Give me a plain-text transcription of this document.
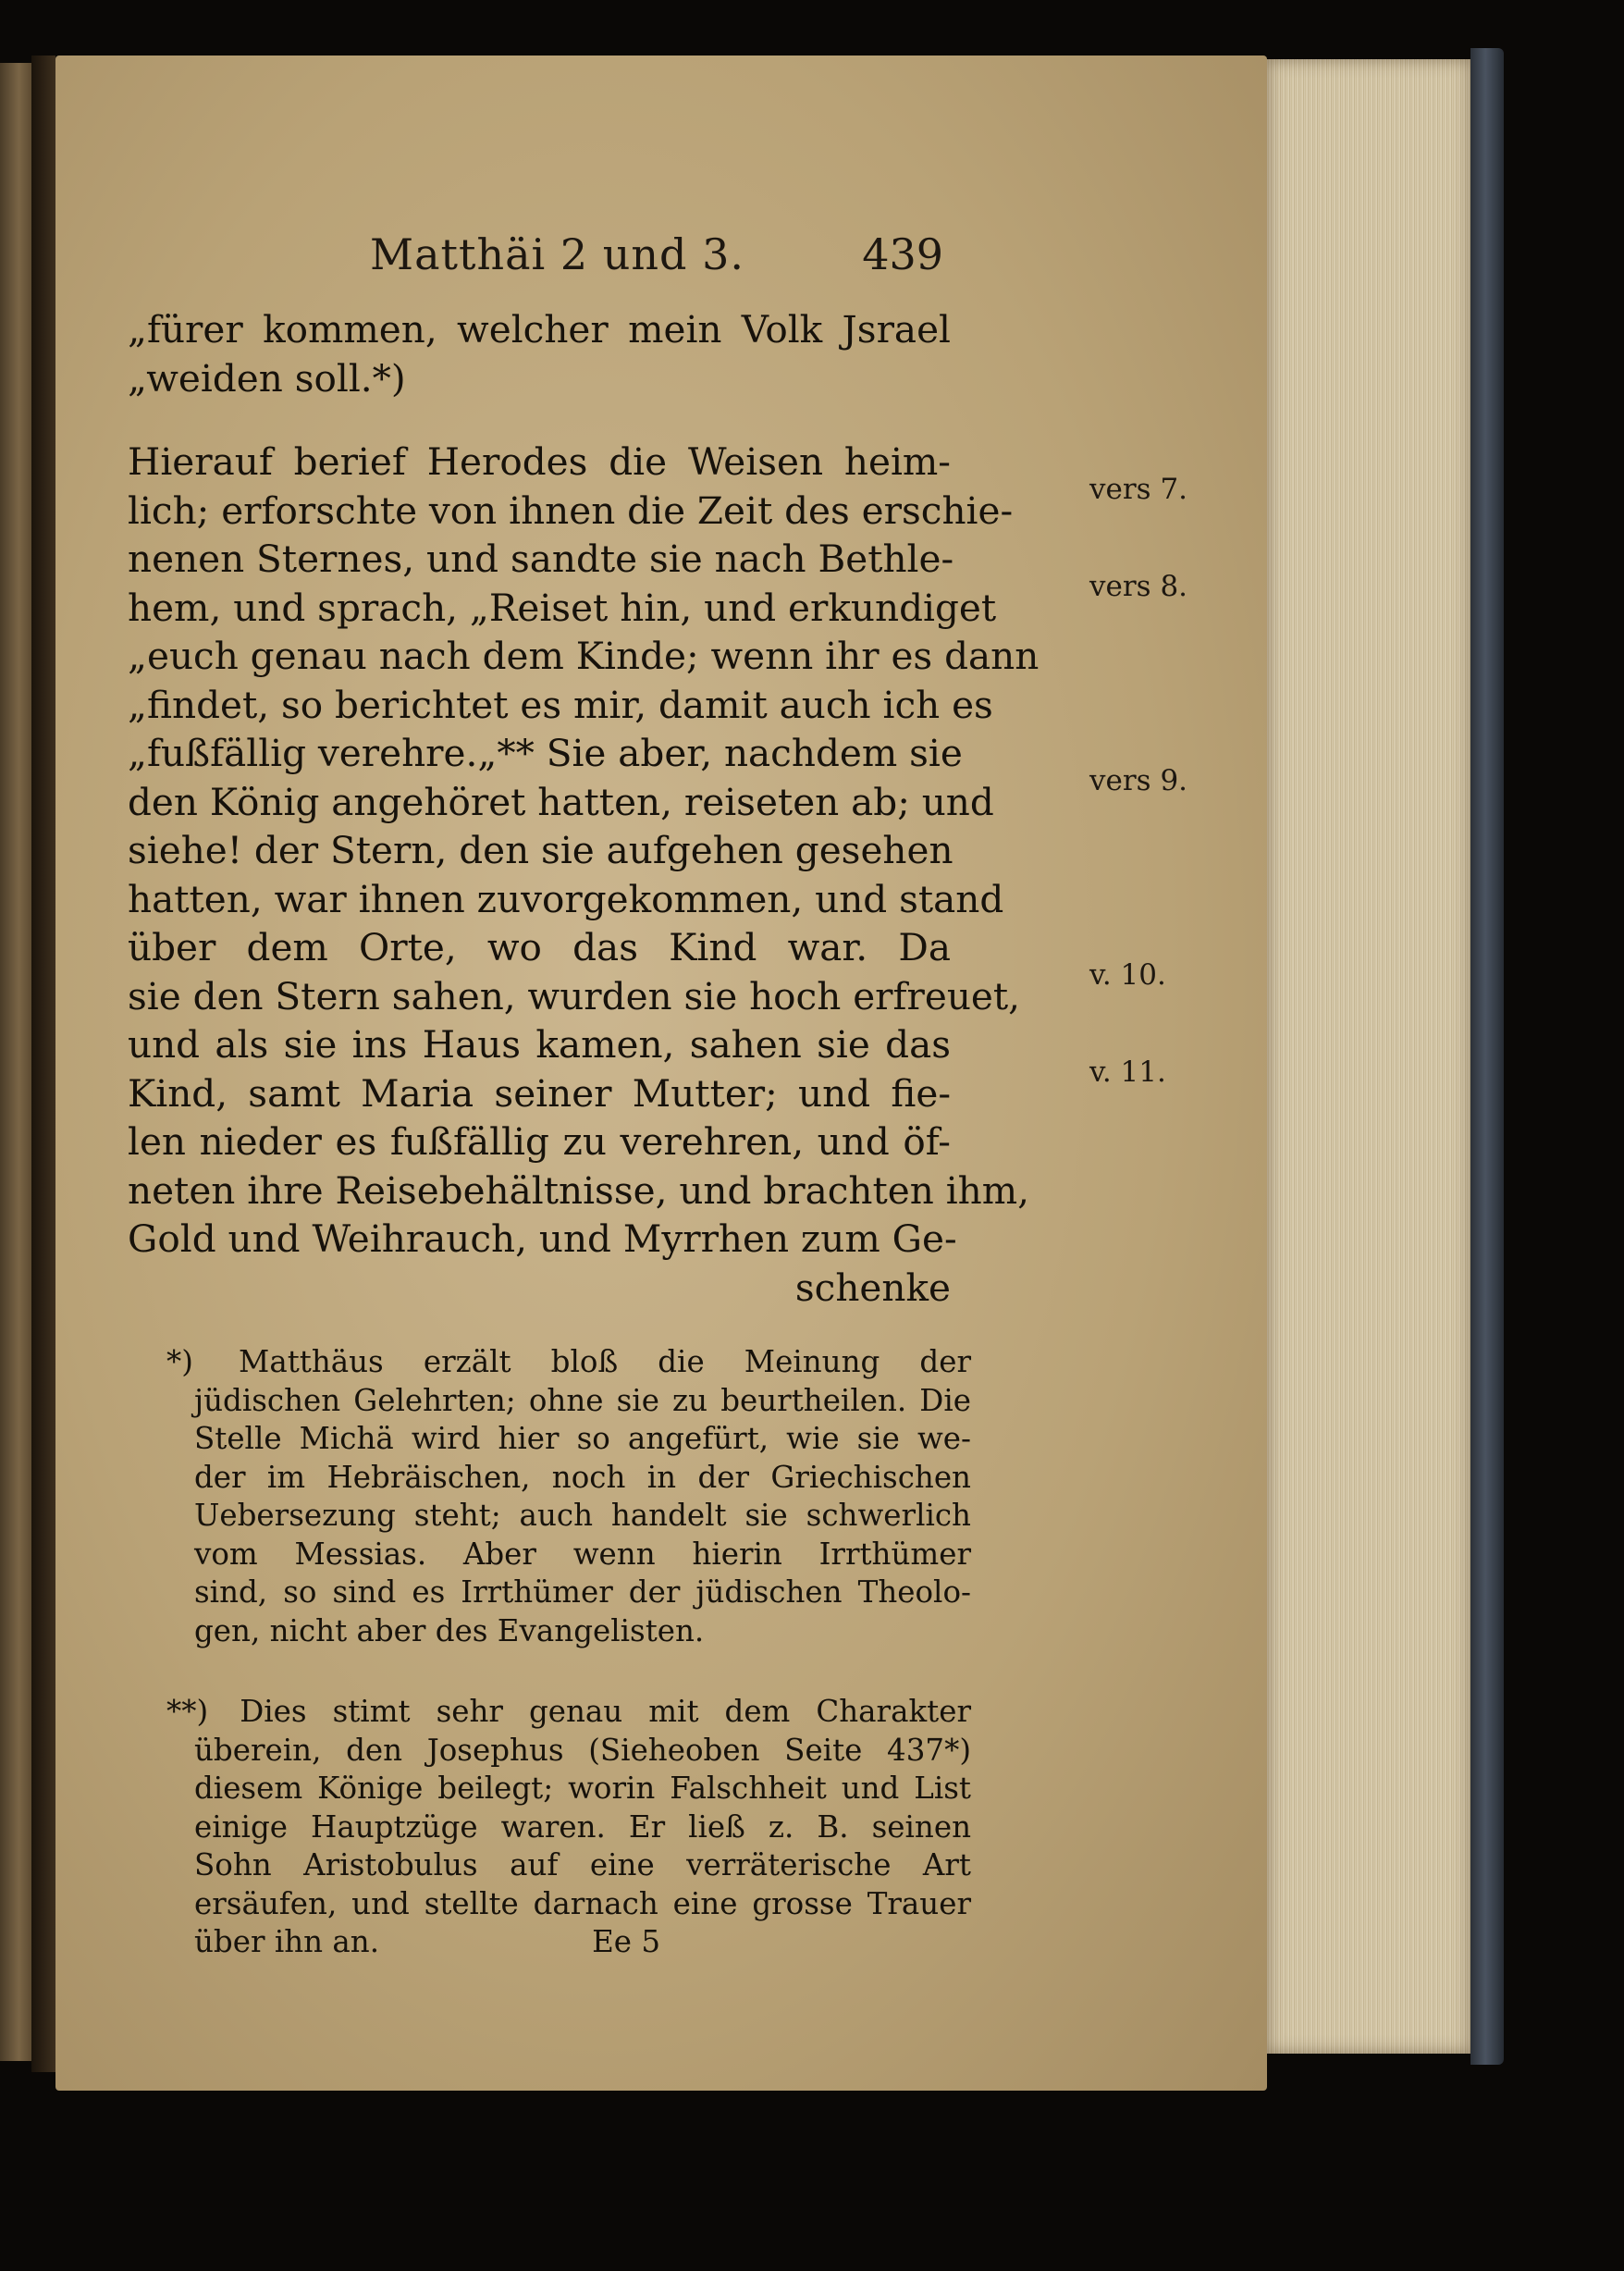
Matthäi 2 und 3.	439
„fürer kommen, welcher mein Volk Jsrael
„weiden soll.*)
Hierauf berief Herodes die Weisen heim-
lich; erforschte von ihnen die Zeit des erschie-
nenen Sternes, und sandte sie nach Bethle-
hem, und sprach, „Reiset hin, und erkundiget
„euch genau nach dem Kinde; wenn ihr es dann
„findet, so berichtet es mir, damit auch ich es
„fußfällig verehre.„** Sie aber, nachdem sie
den König angehöret hatten, reiseten ab; und
siehe! der Stern, den sie aufgehen gesehen
hatten, war ihnen zuvorgekommen, und stand
über dem Orte, wo das Kind war. Da
sie den Stern sahen, wurden sie hoch erfreuet,
und als sie ins Haus kamen, sahen sie das
Kind, samt Maria seiner Mutter; und fie-
len nieder es fußfällig zu verehren, und öf-
neten ihre Reisebehältnisse, und brachten ihm,
Gold und Weihrauch, und Myrrhen zum Ge-
schenke
vers 7.
vers 8.
vers 9.
v. 10.
v. 11.
*) Matthäus erzält bloß die Meinung der
jüdischen Gelehrten; ohne sie zu beurtheilen. Die
Stelle Michä wird hier so angefürt, wie sie we-
der im Hebräischen, noch in der Griechischen
Uebersezung steht; auch handelt sie schwerlich
vom Messias. Aber wenn hierin Irrthümer
sind, so sind es Irrthümer der jüdischen Theolo-
gen, nicht aber des Evangelisten.
**) Dies stimt sehr genau mit dem Charakter
überein, den Josephus (Sieheoben Seite 437*)
diesem Könige beilegt; worin Falschheit und List
einige Hauptzüge waren. Er ließ z. B. seinen
Sohn Aristobulus auf eine verräterische Art
ersäufen, und stellte darnach eine grosse Trauer
über ihn an.	Ee 5
